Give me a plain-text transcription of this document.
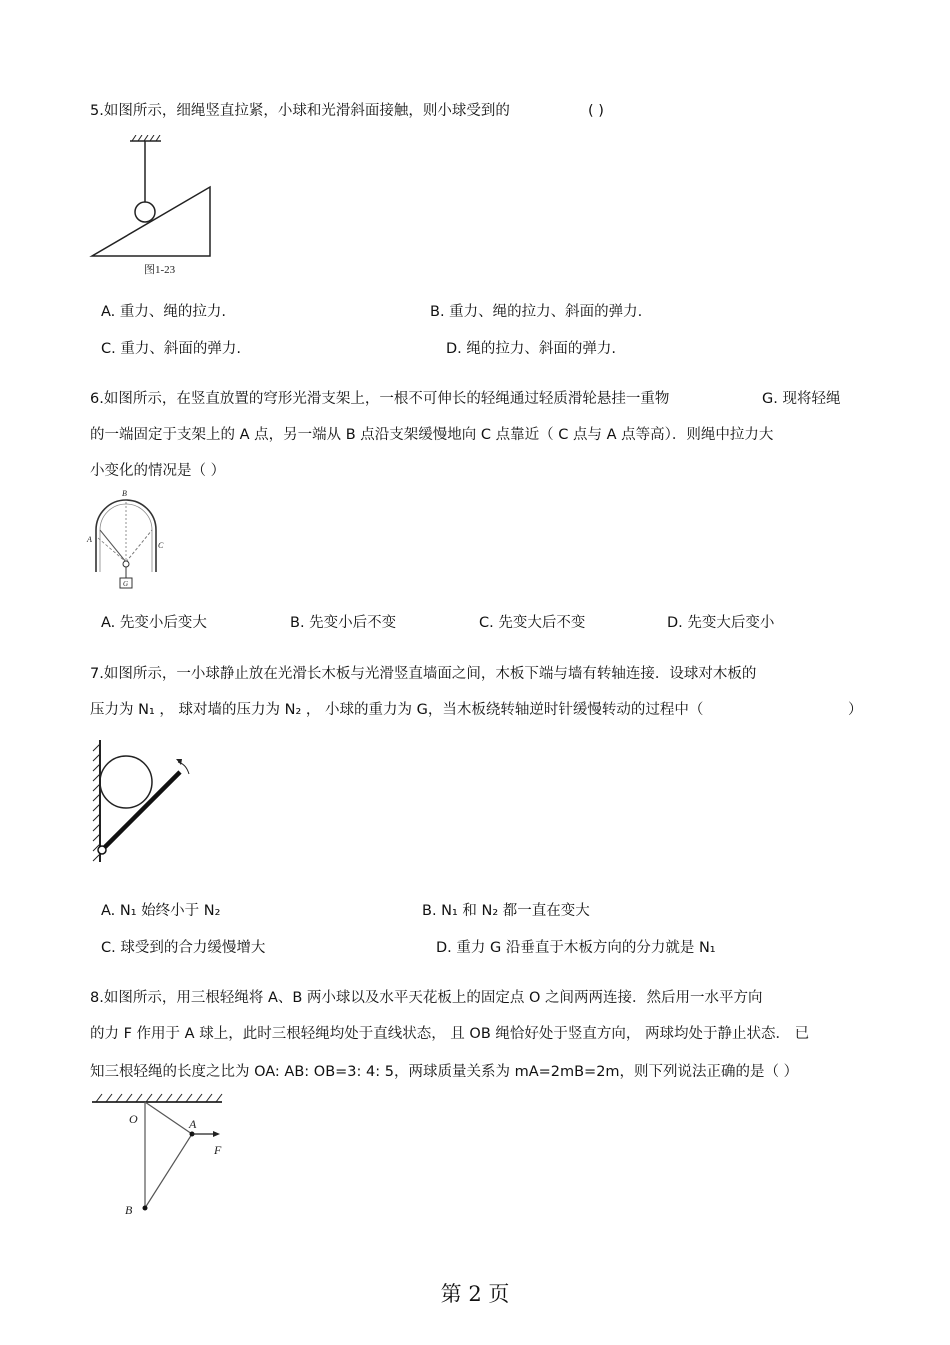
5.如图所示，细绳竖直拉紧，小球和光滑斜面接触，则小球受到的	( )
图1-23
A. 重力、绳的拉力.	B. 重力、绳的拉力、斜面的弹力.
C. 重力、斜面的弹力.	D. 绳的拉力、斜面的弹力.
6.如图所示，在竖直放置的穹形光滑支架上，一根不可伸长的轻绳通过轻质滑轮悬挂一重物	G. 现将轻绳
的一端固定于支架上的 A 点，另一端从 B 点沿支架缓慢地向 C 点靠近（ C 点与 A 点等高）．则绳中拉力大
小变化的情况是（ ）
B
A
C
G
A. 先变小后变大	B. 先变小后不变	C. 先变大后不变	D. 先变大后变小
7.如图所示，一小球静止放在光滑长木板与光滑竖直墙面之间，木板下端与墙有转轴连接．设球对木板的
压力为 N₁ ， 球对墙的压力为 N₂ ， 小球的重力为 G，当木板绕转轴逆时针缓慢转动的过程中（	）
A. N₁ 始终小于 N₂	B. N₁ 和 N₂ 都一直在变大
C. 球受到的合力缓慢增大	D. 重力 G 沿垂直于木板方向的分力就是 N₁
8.如图所示，用三根轻绳将 A、B 两小球以及水平天花板上的固定点 O 之间两两连接．然后用一水平方向
的力 F 作用于 A 球上，此时三根轻绳均处于直线状态， 且 OB 绳恰好处于竖直方向， 两球均处于静止状态． 已
知三根轻绳的长度之比为 OA: AB: OB=3: 4: 5，两球质量关系为 mA=2mB=2m，则下列说法正确的是（ ）
O	A
B
F
第 2 页
